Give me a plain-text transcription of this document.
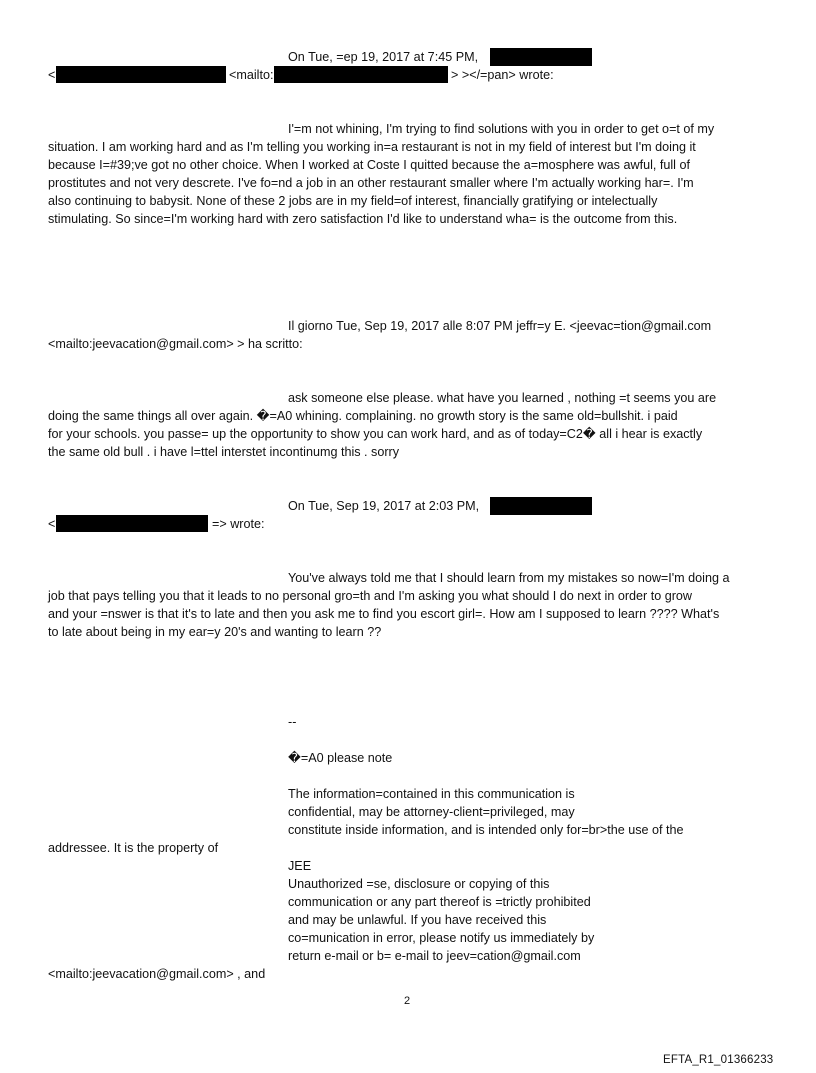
On Tue, =ep 19, 2017 at 7:45 PM,
<	<mailto:	> ></=pan> wrote:
I'=m not whining, I'm trying to find solutions with you in order to get o=t of my
situation. I am working hard and as I'm telling you working in=a restaurant is not in my field of interest but I'm doing it
because I=#39;ve got no other choice. When I worked at Coste I quitted because the a=mosphere was awful, full of
prostitutes and not very descrete. I've fo=nd a job in an other restaurant smaller where I'm actually working har=. I'm
also continuing to babysit. None of these 2 jobs are in my field=of interest, financially gratifying or intelectually
stimulating. So since=I'm working hard with zero satisfaction I'd like to understand wha= is the outcome from this.
Il giorno Tue, Sep 19, 2017 alle 8:07 PM jeffr=y E. <jeevac=tion@gmail.com
<mailto:jeevacation@gmail.com> > ha scritto:
ask someone else please. what have you learned , nothing =t seems you are
doing the same things all over again. �=A0 whining. complaining. no growth story is the same old=bullshit. i paid
for your schools. you passe= up the opportunity to show you can work hard, and as of today=C2� all i hear is exactly
the same old bull . i have l=ttel interstet incontinumg this . sorry
On Tue, Sep 19, 2017 at 2:03 PM,
<	=> wrote:
You've always told me that I should learn from my mistakes so now=I'm doing a
job that pays telling you that it leads to no personal gro=th and I'm asking you what should I do next in order to grow
and your =nswer is that it's to late and then you ask me to find you escort girl=. How am I supposed to learn ???? What's
to late about being in my ear=y 20's and wanting to learn ??
--
�=A0 please note
The information=contained in this communication is
confidential, may be attorney-client=privileged, may
constitute inside information, and is intended only for=br>the use of the
addressee. It is the property of
JEE
Unauthorized =se, disclosure or copying of this
communication or any part thereof is =trictly prohibited
and may be unlawful. If you have received this
co=munication in error, please notify us immediately by
return e-mail or b= e-mail to jeev=cation@gmail.com
<mailto:jeevacation@gmail.com> , and
2
EFTA_R1_01366233
